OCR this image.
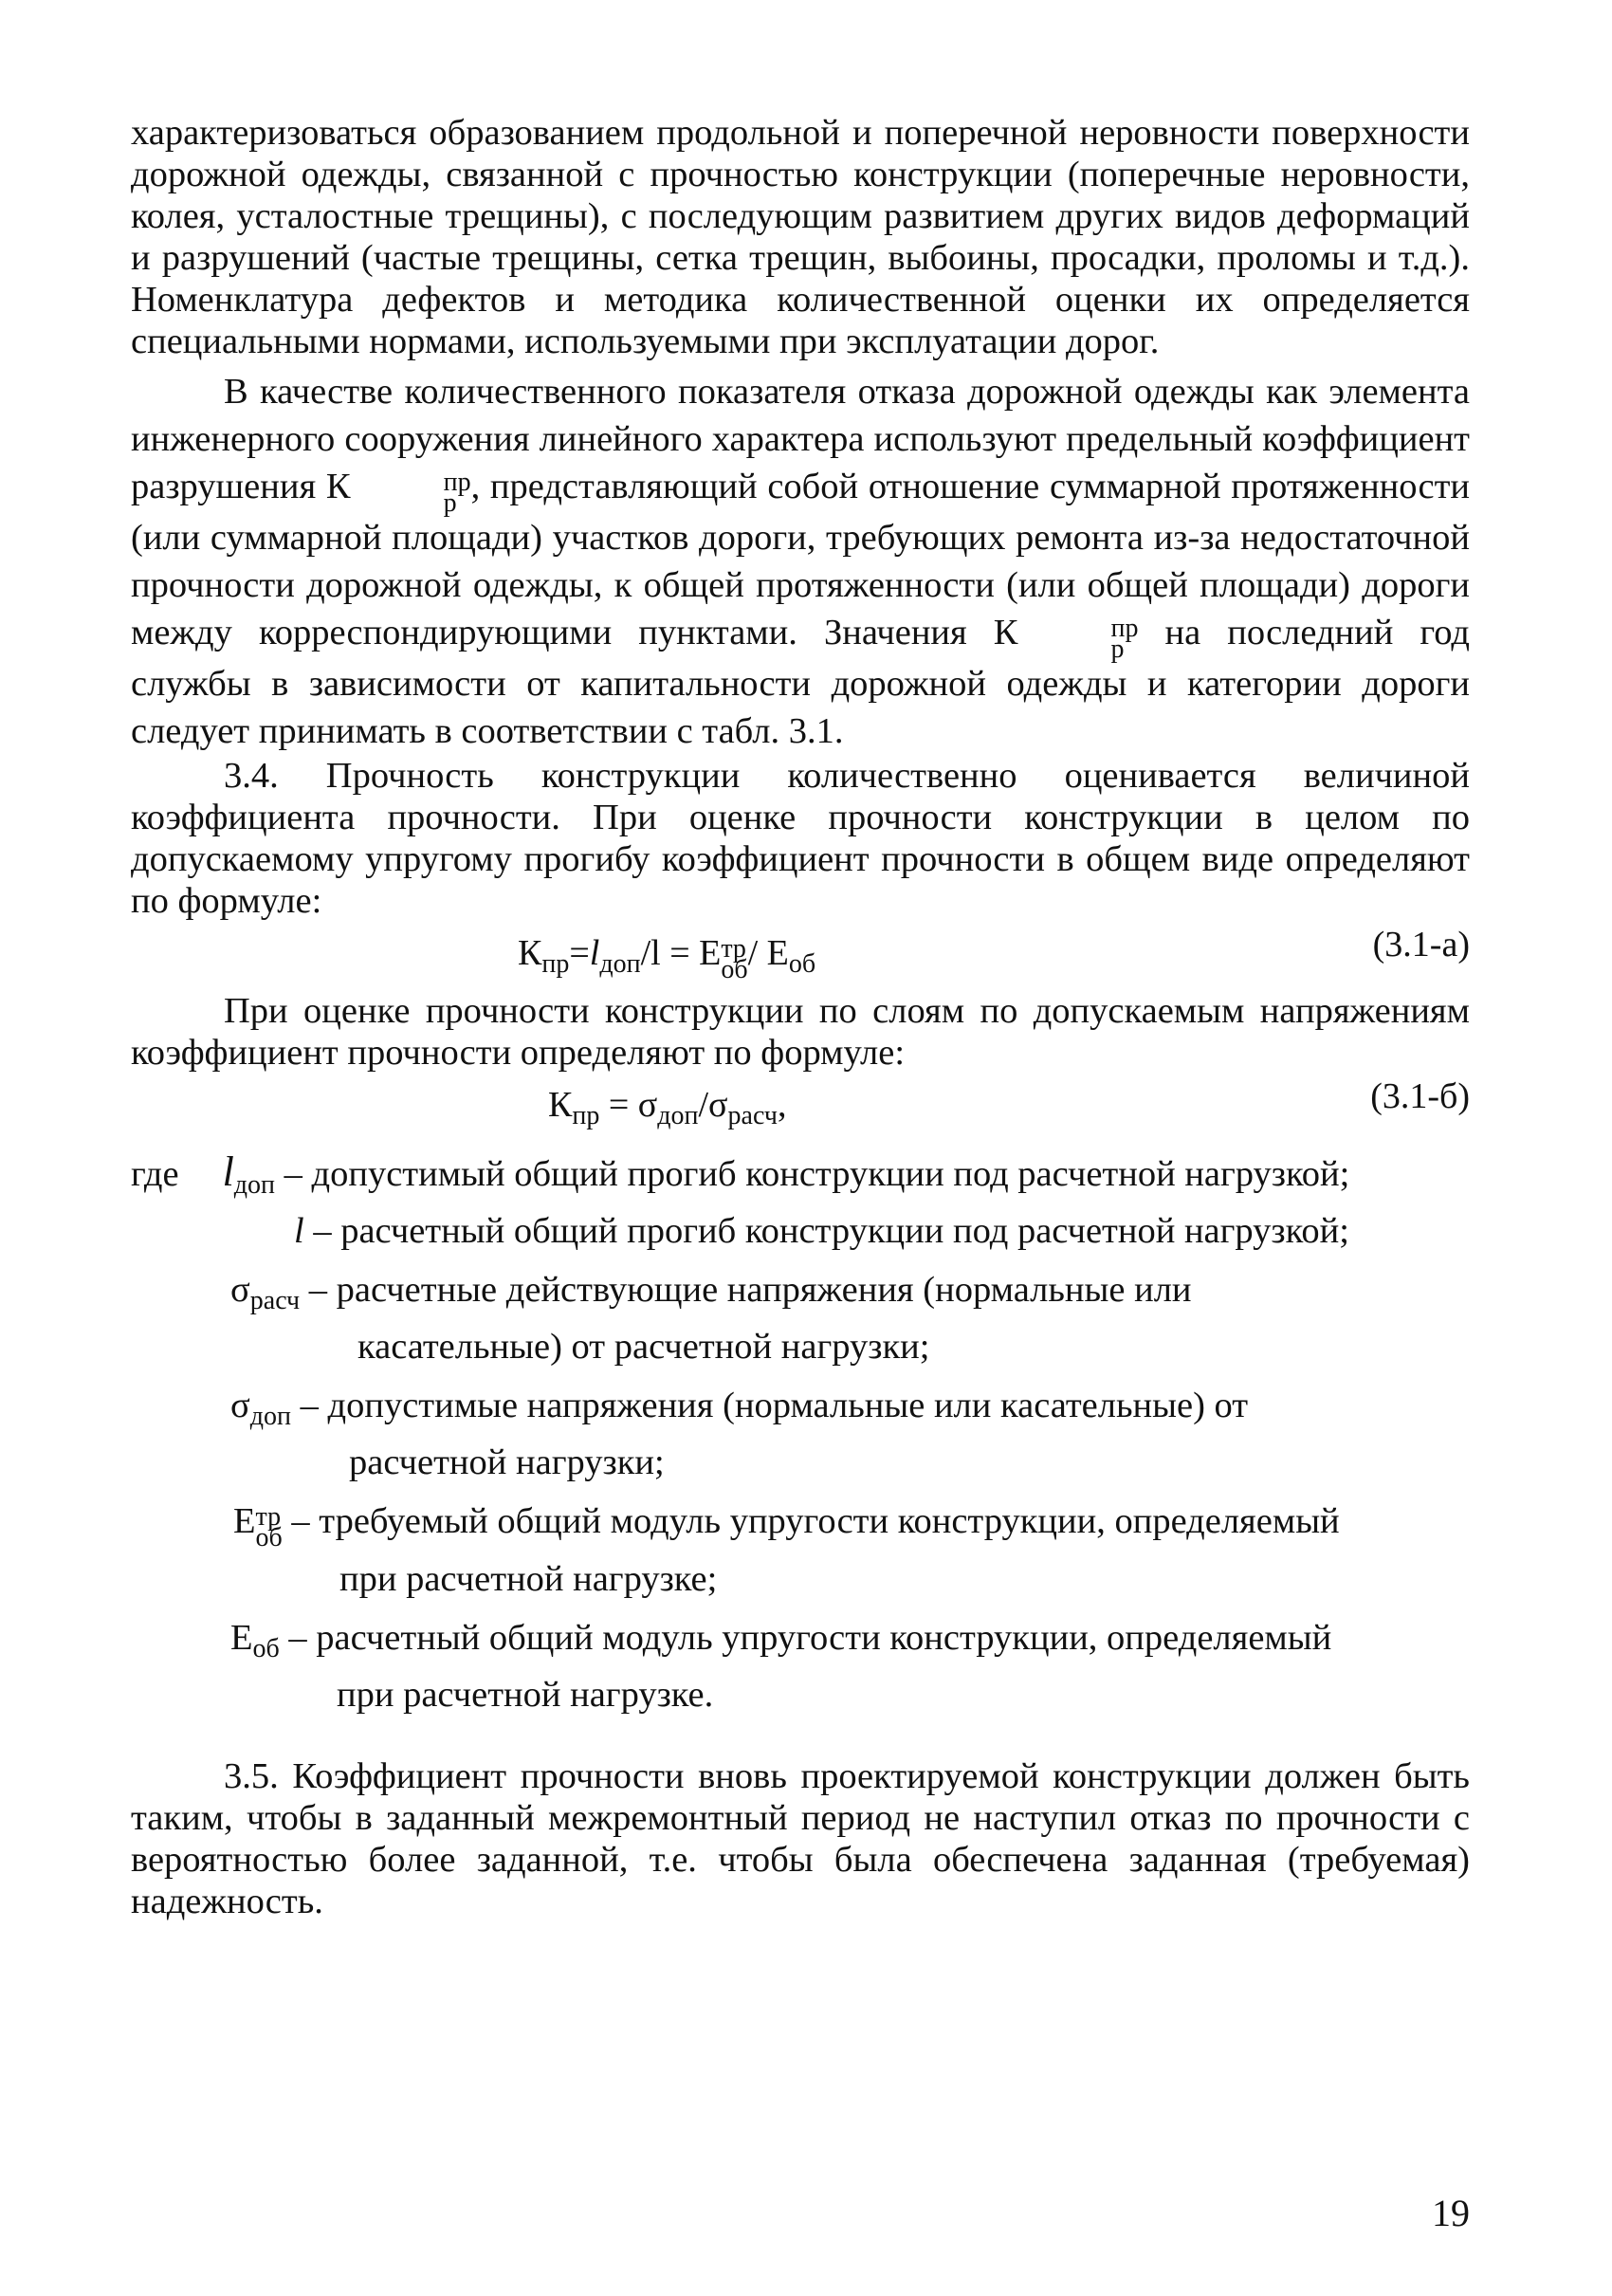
характеризоваться образованием продольной и поперечной неровности поверхности дорожной одежды, связанной с прочностью конструкции (поперечные неровности, колея, усталостные трещины), с последующим развитием других видов деформаций и разрушений (частые трещины, сетка трещин, выбоины, просадки, проломы и т.д.). Номенклатура дефектов и методика количественной оценки их определяется специальными нормами, используемыми при эксплуатации дорог.

В качестве количественного показателя отказа дорожной одежды как элемента инженерного сооружения линейного характера используют предельный коэффициент разрушения К	пр
р , представляющий собой отношение суммарной протяженности (или суммарной площади) участков дороги, требующих ремонта из-за недостаточной прочности дорожной одежды, к общей протяженности (или общей площади) дороги между корреспондирующими пунктами. Значения К	пр
р на последний год службы в зависимости от капитальности дорожной одежды и категории дороги следует принимать в соответствии с табл. 3.1.

3.4. Прочность конструкции количественно оценивается величиной коэффициента прочности. При оценке прочности конструкции в целом по допускаемому упругому прогибу коэффициент прочности в общем виде определяют по формуле:

$К_{пр}=l_{доп}/l = Е$ тр
об / $Е_{об}$	(3.1-а)

При оценке прочности конструкции по слоям по допускаемым напряжениям коэффициент прочности определяют по формуле:

$К_{пр} = \sigma_{доп}/\sigma_{расч}$,	(3.1-б)
где $l_{доп}$ – допустимый общий прогиб конструкции под расчетной нагрузкой;
l – расчетный общий прогиб конструкции под расчетной нагрузкой;
$\sigma_{расч}$ – расчетные действующие напряжения (нормальные или
касательные) от расчетной нагрузки;
$\sigma_{доп}$ – допустимые напряжения (нормальные или касательные) от
расчетной нагрузки;
Е тр
об – требуемый общий модуль упругости конструкции, определяемый
при расчетной нагрузке;
$Е_{об}$ – расчетный общий модуль упругости конструкции, определяемый
при расчетной нагрузке.

3.5. Коэффициент прочности вновь проектируемой конструкции должен быть таким, чтобы в заданный межремонтный период не наступил отказ по прочности с вероятностью более заданной, т.е. чтобы была обеспечена заданная (требуемая) надежность.

19
